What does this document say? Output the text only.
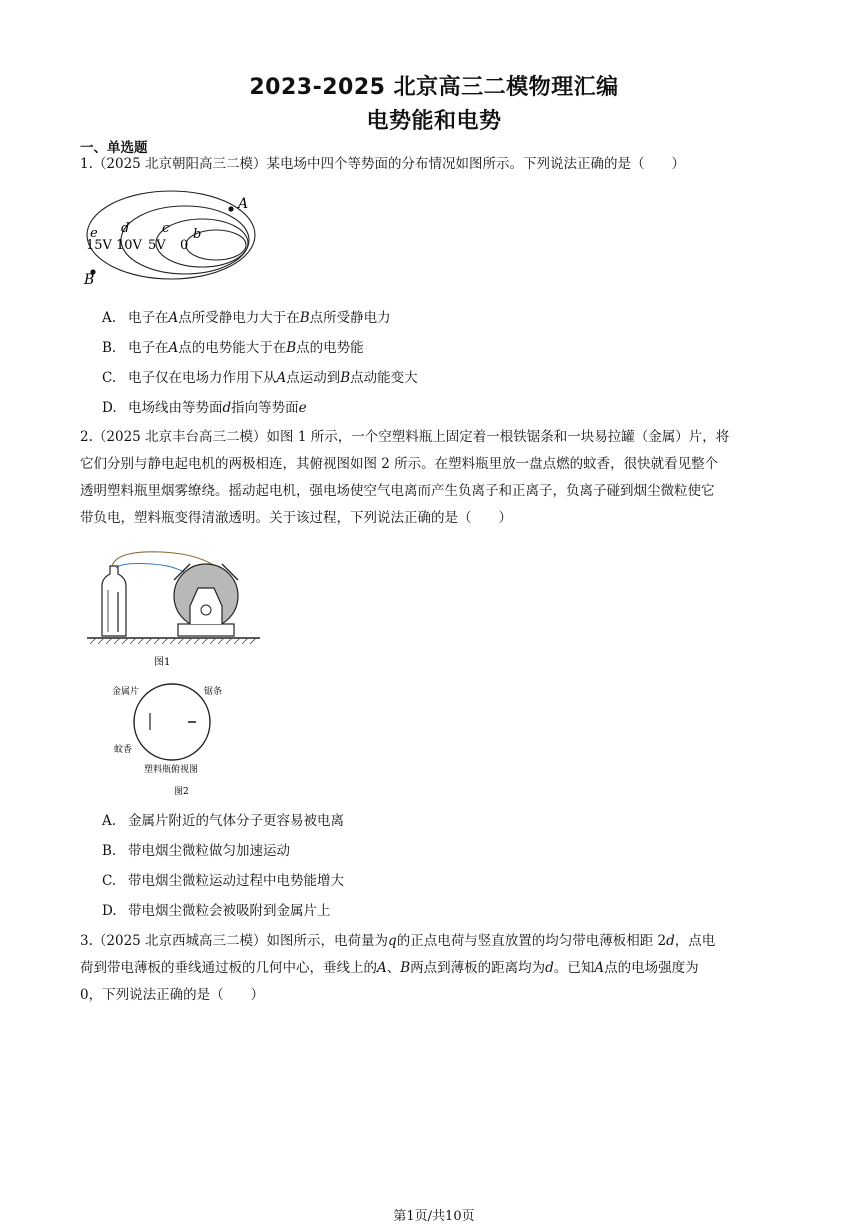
2023-2025 北京高三二模物理汇编
电势能和电势
一、单选题
1.（2025 北京朝阳高三二模）某电场中四个等势面的分布情况如图所示。下列说法正确的是（　　）
A
B
e d	c b
15V 10V 5V 0
A. 电子在A点所受静电力大于在B点所受静电力
B. 电子在A点的电势能大于在B点的电势能
C. 电子仅在电场力作用下从A点运动到B点动能变大
D. 电场线由等势面d指向等势面e
2.（2025 北京丰台高三二模）如图 1 所示，一个空塑料瓶上固定着一根铁锯条和一块易拉罐（金属）片，将
它们分别与静电起电机的两极相连，其俯视图如图 2 所示。在塑料瓶里放一盘点燃的蚊香，很快就看见整个
透明塑料瓶里烟雾缭绕。摇动起电机，强电场使空气电离而产生负离子和正离子，负离子碰到烟尘微粒使它
带负电，塑料瓶变得清澈透明。关于该过程，下列说法正确的是（　　）
图1
金属片	锯条
蚊香
塑料瓶俯视图
图2
A. 金属片附近的气体分子更容易被电离
B. 带电烟尘微粒做匀加速运动
C. 带电烟尘微粒运动过程中电势能增大
D. 带电烟尘微粒会被吸附到金属片上
3.（2025 北京西城高三二模）如图所示，电荷量为q的正点电荷与竖直放置的均匀带电薄板相距 2d，点电
荷到带电薄板的垂线通过板的几何中心，垂线上的A、B两点到薄板的距离均为d。已知A点的电场强度为
0，下列说法正确的是（　　）
第1页/共10页
